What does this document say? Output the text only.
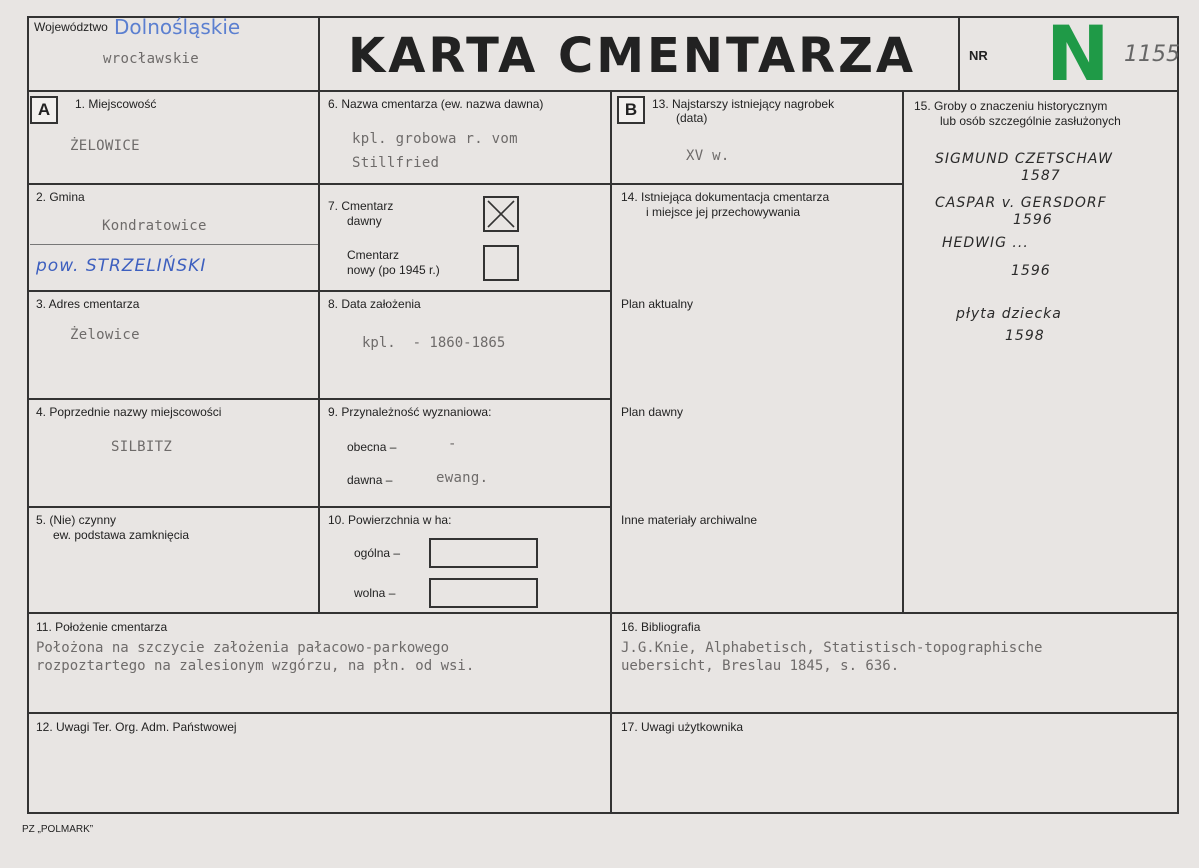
Województwo Dolnośląskie
wrocławskie	KARTA CMENTARZA	NR N 1155
A	1. Miejscowość
ŻELOWICE
2. Gmina
Kondratowice
pow. STRZELIŃSKI
3. Adres cmentarza
Żelowice
4. Poprzednie nazwy miejscowości
SILBITZ
5. (Nie) czynny
ew. podstawa zamknięcia
6. Nazwa cmentarza (ew. nazwa dawna)
kpl. grobowa r. vom
Stillfried
7. Cmentarz
dawny
Cmentarz
nowy (po 1945 r.)
8. Data założenia
kpl.  - 1860-1865
9. Przynależność wyznaniowa:
obecna –	-
dawna –	ewang.
10. Powierzchnia w ha:
ogólna –
wolna –
B	13. Najstarszy istniejący nagrobek
(data)
XV w.
14. Istniejąca dokumentacja cmentarza
i miejsce jej przechowywania
Plan aktualny
Plan dawny
Inne materiały archiwalne
15. Groby o znaczeniu historycznym
lub osób szczególnie zasłużonych
SIGMUND CZETSCHAW
1587
CASPAR v. GERSDORF
1596
HEDWIG ...
1596
płyta dziecka
1598
11. Położenie cmentarza
Położona na szczycie założenia pałacowo-parkowego
rozpoztartego na zalesionym wzgórzu, na płn. od wsi.
16. Bibliografia
J.G.Knie, Alphabetisch, Statistisch-topographische
uebersicht, Breslau 1845, s. 636.
12. Uwagi Ter. Org. Adm. Państwowej	17. Uwagi użytkownika
PZ „POLMARK”
